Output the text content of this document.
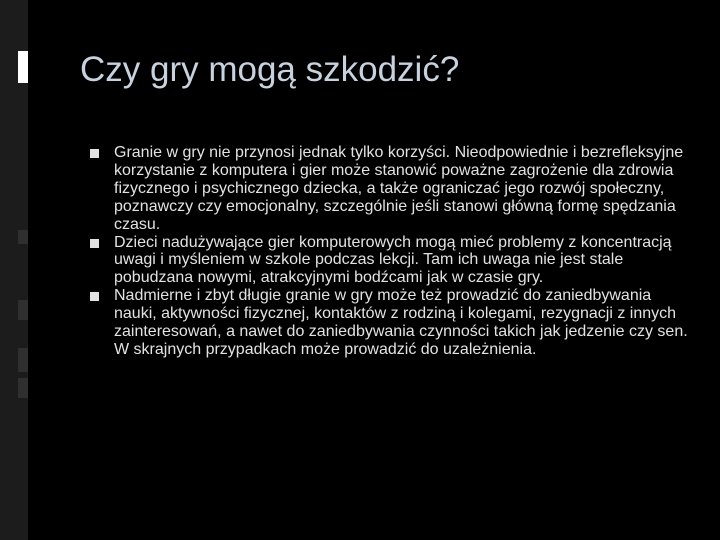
Czy gry mogą szkodzić?
Granie w gry nie przynosi jednak tylko korzyści. Nieodpowiednie i bezrefleksyjne korzystanie z komputera i gier może stanowić poważne zagrożenie dla zdrowia fizycznego i psychicznego dziecka, a także ograniczać jego rozwój społeczny, poznawczy czy emocjonalny, szczególnie jeśli stanowi główną formę spędzania czasu.
Dzieci nadużywające gier komputerowych mogą mieć problemy z koncentracją uwagi i myśleniem w szkole podczas lekcji. Tam ich uwaga nie jest stale pobudzana nowymi, atrakcyjnymi bodźcami jak w czasie gry.
Nadmierne i zbyt długie granie w gry może też prowadzić do zaniedbywania nauki, aktywności fizycznej, kontaktów z rodziną i kolegami, rezygnacji z innych zainteresowań, a nawet do zaniedbywania czynności takich jak jedzenie czy sen. W skrajnych przypadkach może prowadzić do uzależnienia.
